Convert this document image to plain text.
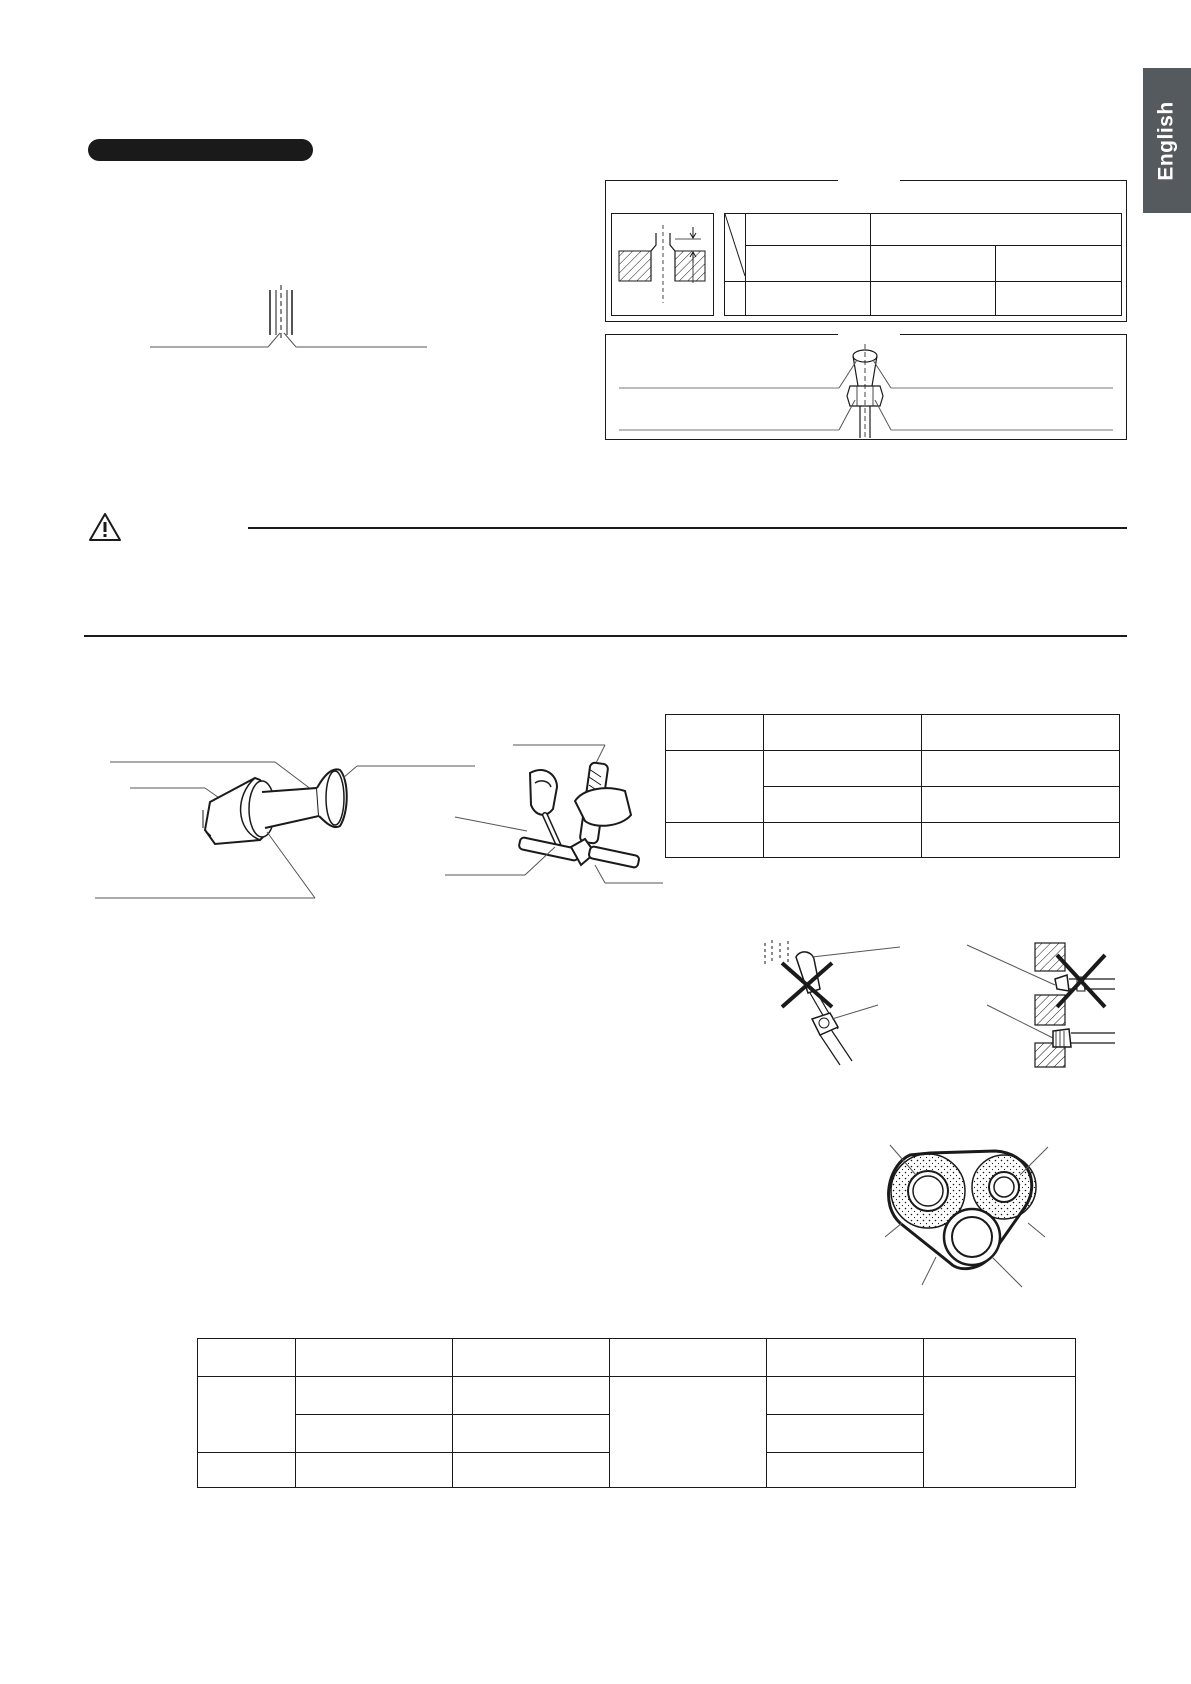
English
